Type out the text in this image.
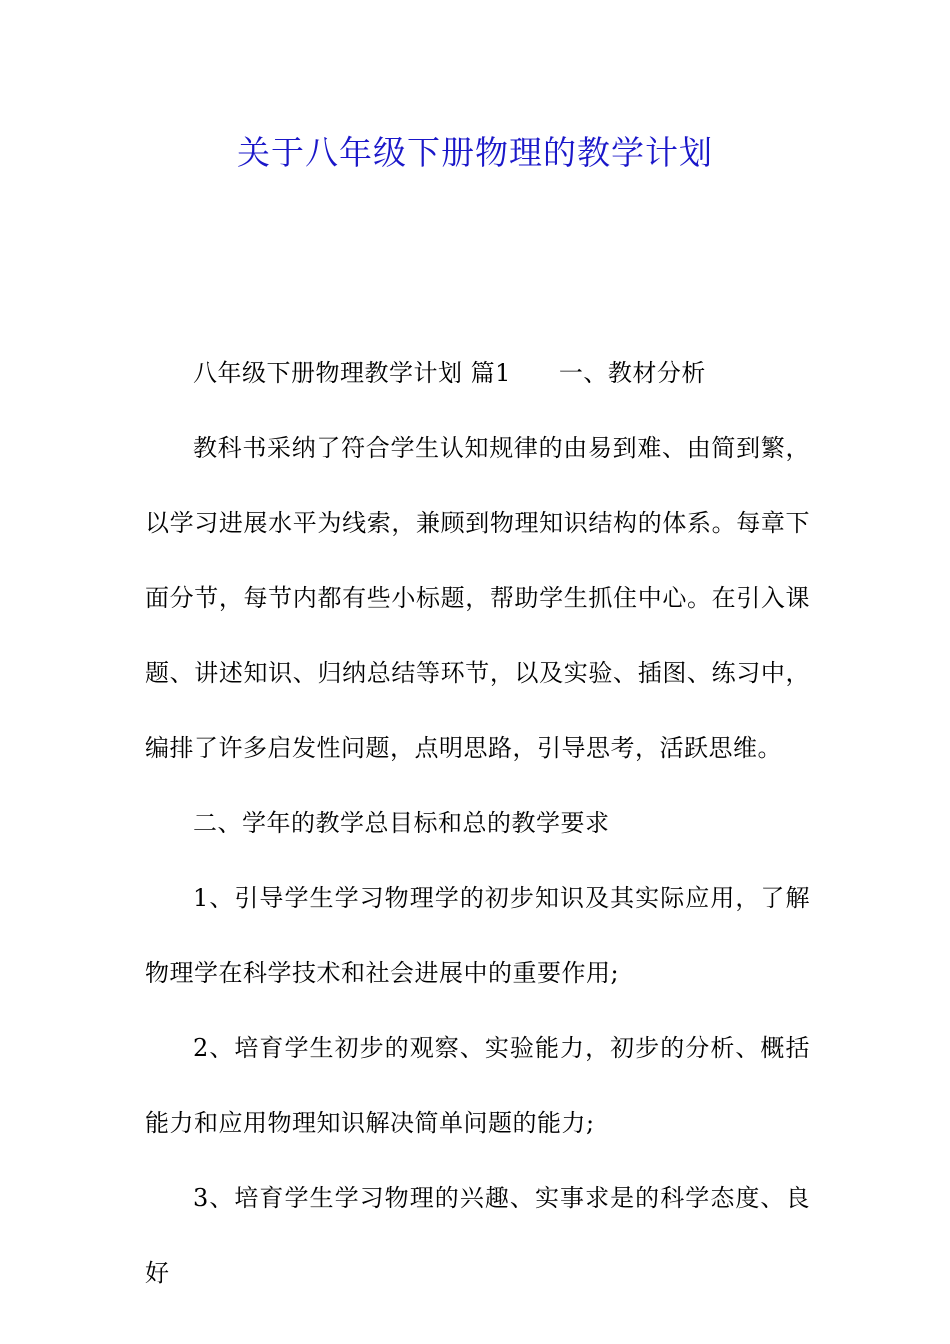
关于八年级下册物理的教学计划

八年级下册物理教学计划 篇1 一、教材分析

教科书采纳了符合学生认知规律的由易到难、由简到繁，以学习进展水平为线索，兼顾到物理知识结构的体系。每章下面分节，每节内都有些小标题，帮助学生抓住中心。在引入课题、讲述知识、归纳总结等环节，以及实验、插图、练习中，编排了许多启发性问题，点明思路，引导思考，活跃思维。

二、学年的教学总目标和总的教学要求

1、引导学生学习物理学的初步知识及其实际应用，了解物理学在科学技术和社会进展中的重要作用;

2、培育学生初步的观察、实验能力，初步的分析、概括能力和应用物理知识解决简单问题的能力;

3、培育学生学习物理的兴趣、实事求是的科学态度、良好
